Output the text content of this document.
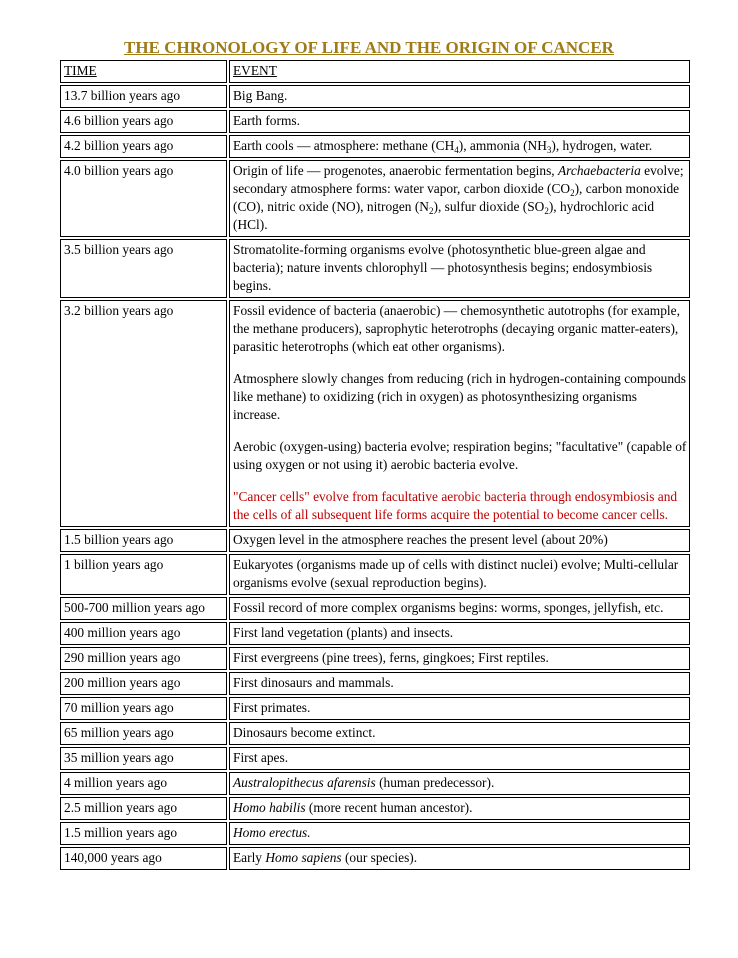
THE CHRONOLOGY OF LIFE AND THE ORIGIN OF CANCER
TIME	EVENT
13.7 billion years ago	Big Bang.
4.6 billion years ago	Earth forms.
4.2 billion years ago	Earth cools — atmosphere: methane $(CH_4)$, ammonia $(NH_3)$, hydrogen, water.
4.0 billion years ago	Origin of life — progenotes, anaerobic fermentation begins, Archaebacteria evolve; secondary atmosphere forms: water vapor, carbon dioxide $(CO_2)$, carbon monoxide (CO), nitric oxide (NO), nitrogen $(N_2)$, sulfur dioxide $(SO_2)$, hydrochloric acid (HCl).
3.5 billion years ago	Stromatolite-forming organisms evolve (photosynthetic blue-green algae and bacteria); nature invents chlorophyll — photosynthesis begins; endosymbiosis begins.
3.2 billion years ago	Fossil evidence of bacteria (anaerobic) — chemosynthetic autotrophs (for example, the methane producers), saprophytic heterotrophs (decaying organic matter-eaters), parasitic heterotrophs (which eat other organisms).

Atmosphere slowly changes from reducing (rich in hydrogen-containing compounds like methane) to oxidizing (rich in oxygen) as photosynthesizing organisms increase.

Aerobic (oxygen-using) bacteria evolve; respiration begins; "facultative" (capable of using oxygen or not using it) aerobic bacteria evolve.

"Cancer cells" evolve from facultative aerobic bacteria through endosymbiosis and the cells of all subsequent life forms acquire the potential to become cancer cells.

1.5 billion years ago	Oxygen level in the atmosphere reaches the present level (about 20%)
1 billion years ago	Eukaryotes (organisms made up of cells with distinct nuclei) evolve; Multi-cellular organisms evolve (sexual reproduction begins).
500-700 million years ago	Fossil record of more complex organisms begins: worms, sponges, jellyfish, etc.
400 million years ago	First land vegetation (plants) and insects.
290 million years ago	First evergreens (pine trees), ferns, gingkoes; First reptiles.
200 million years ago	First dinosaurs and mammals.
70 million years ago	First primates.
65 million years ago	Dinosaurs become extinct.
35 million years ago	First apes.
4 million years ago	Australopithecus afarensis (human predecessor).
2.5 million years ago	Homo habilis (more recent human ancestor).
1.5 million years ago	Homo erectus.
140,000 years ago	Early Homo sapiens (our species).
